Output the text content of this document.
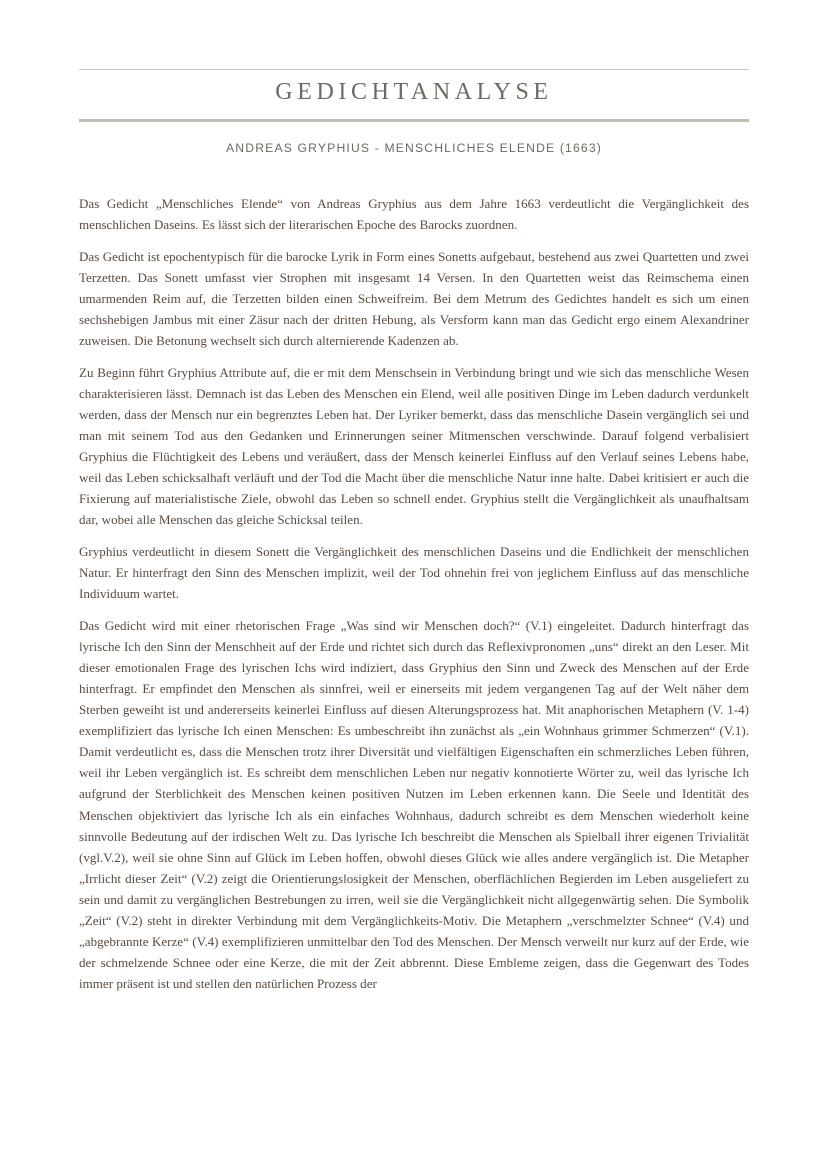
GEDICHTANALYSE
ANDREAS GRYPHIUS - MENSCHLICHES ELENDE (1663)

Das Gedicht „Menschliches Elende“ von Andreas Gryphius aus dem Jahre 1663 verdeutlicht die Vergänglichkeit des menschlichen Daseins. Es lässt sich der literarischen Epoche des Barocks zuordnen.

Das Gedicht ist epochentypisch für die barocke Lyrik in Form eines Sonetts aufgebaut, bestehend aus zwei Quartetten und zwei Terzetten. Das Sonett umfasst vier Strophen mit insgesamt 14 Versen. In den Quartetten weist das Reimschema einen umarmenden Reim auf, die Terzetten bilden einen Schweifreim. Bei dem Metrum des Gedichtes handelt es sich um einen sechshebigen Jambus mit einer Zäsur nach der dritten Hebung, als Versform kann man das Gedicht ergo einem Alexandriner zuweisen. Die Betonung wechselt sich durch alternierende Kadenzen ab.

Zu Beginn führt Gryphius Attribute auf, die er mit dem Menschsein in Verbindung bringt und wie sich das menschliche Wesen charakterisieren lässt. Demnach ist das Leben des Menschen ein Elend, weil alle positiven Dinge im Leben dadurch verdunkelt werden, dass der Mensch nur ein begrenztes Leben hat. Der Lyriker bemerkt, dass das menschliche Dasein vergänglich sei und man mit seinem Tod aus den Gedanken und Erinnerungen seiner Mitmenschen verschwinde. Darauf folgend verbalisiert Gryphius die Flüchtigkeit des Lebens und veräußert, dass der Mensch keinerlei Einfluss auf den Verlauf seines Lebens habe, weil das Leben schicksalhaft verläuft und der Tod die Macht über die menschliche Natur inne halte. Dabei kritisiert er auch die Fixierung auf materialistische Ziele, obwohl das Leben so schnell endet. Gryphius stellt die Vergänglichkeit als unaufhaltsam dar, wobei alle Menschen das gleiche Schicksal teilen.

Gryphius verdeutlicht in diesem Sonett die Vergänglichkeit des menschlichen Daseins und die Endlichkeit der menschlichen Natur. Er hinterfragt den Sinn des Menschen implizit, weil der Tod ohnehin frei von jeglichem Einfluss auf das menschliche Individuum wartet.

Das Gedicht wird mit einer rhetorischen Frage „Was sind wir Menschen doch?“ (V.1) eingeleitet. Dadurch hinterfragt das lyrische Ich den Sinn der Menschheit auf der Erde und richtet sich durch das Reflexivpronomen „uns“ direkt an den Leser. Mit dieser emotionalen Frage des lyrischen Ichs wird indiziert, dass Gryphius den Sinn und Zweck des Menschen auf der Erde hinterfragt. Er empfindet den Menschen als sinnfrei, weil er einerseits mit jedem vergangenen Tag auf der Welt näher dem Sterben geweiht ist und andererseits keinerlei Einfluss auf diesen Alterungsprozess hat. Mit anaphorischen Metaphern (V. 1-4) exemplifiziert das lyrische Ich einen Menschen: Es umbeschreibt ihn zunächst als „ein Wohnhaus grimmer Schmerzen“ (V.1). Damit verdeutlicht es, dass die Menschen trotz ihrer Diversität und vielfältigen Eigenschaften ein schmerzliches Leben führen, weil ihr Leben vergänglich ist. Es schreibt dem menschlichen Leben nur negativ konnotierte Wörter zu, weil das lyrische Ich aufgrund der Sterblichkeit des Menschen keinen positiven Nutzen im Leben erkennen kann. Die Seele und Identität des Menschen objektiviert das lyrische Ich als ein einfaches Wohnhaus, dadurch schreibt es dem Menschen wiederholt keine sinnvolle Bedeutung auf der irdischen Welt zu. Das lyrische Ich beschreibt die Menschen als Spielball ihrer eigenen Trivialität (vgl.V.2), weil sie ohne Sinn auf Glück im Leben hoffen, obwohl dieses Glück wie alles andere vergänglich ist. Die Metapher „Irrlicht dieser Zeit“ (V.2) zeigt die Orientierungslosigkeit der Menschen, oberflächlichen Begierden im Leben ausgeliefert zu sein und damit zu vergänglichen Bestrebungen zu irren, weil sie die Vergänglichkeit nicht allgegenwärtig sehen. Die Symbolik „Zeit“ (V.2) steht in direkter Verbindung mit dem Vergänglichkeits-Motiv. Die Metaphern „verschmelzter Schnee“ (V.4) und „abgebrannte Kerze“ (V.4) exemplifizieren unmittelbar den Tod des Menschen. Der Mensch verweilt nur kurz auf der Erde, wie der schmelzende Schnee oder eine Kerze, die mit der Zeit abbrennt. Diese Embleme zeigen, dass die Gegenwart des Todes immer präsent ist und stellen den natürlichen Prozess der
